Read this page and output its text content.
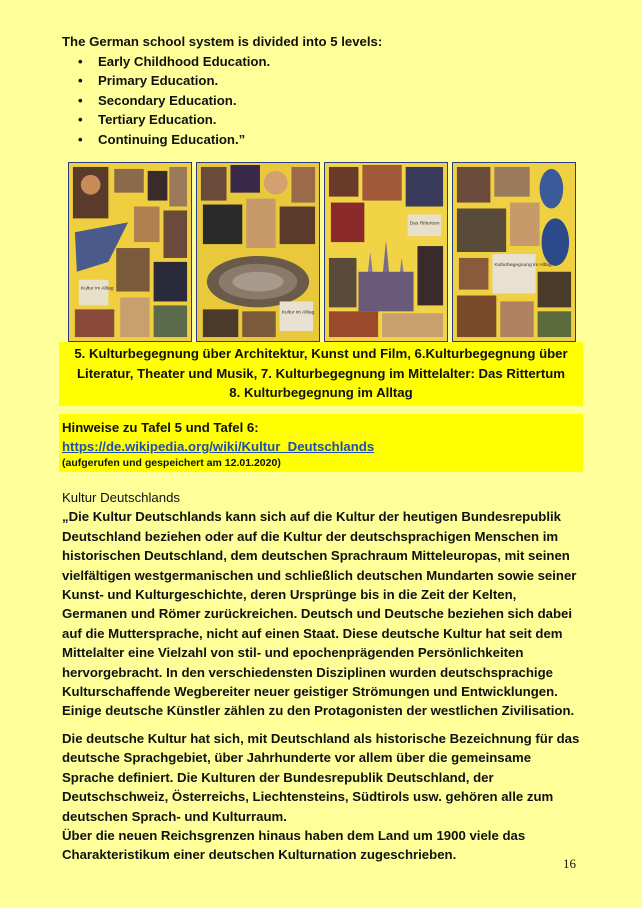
The German school system is divided into 5 levels:
• Early Childhood Education.
• Primary Education.
• Secondary Education.
• Tertiary Education.
• Continuing Education.”
Kultur im Alltag
Kultur im Alltag
Das Rittertum
Kulturbegegnung im Alltag
5. Kulturbegegnung über Architektur, Kunst und Film, 6.Kulturbegegnung über
Literatur, Theater und Musik, 7. Kulturbegegnung im Mittelalter: Das Rittertum
8. Kulturbegegnung im Alltag
Hinweise zu Tafel 5 und Tafel 6:
https://de.wikipedia.org/wiki/Kultur_Deutschlands
(aufgerufen und gespeichert am 12.01.2020)
Kultur Deutschlands

„Die Kultur Deutschlands kann sich auf die Kultur der heutigen Bundesrepublik Deutschland beziehen oder auf die Kultur der deutschsprachigen Menschen im historischen Deutschland, dem deutschen Sprachraum Mitteleuropas, mit seinen vielfältigen westgermanischen und schließlich deutschen Mundarten sowie seiner Kunst- und Kulturgeschichte, deren Ursprünge bis in die Zeit der Kelten, Germanen und Römer zurückreichen. Deutsch und Deutsche beziehen sich dabei auf die Muttersprache, nicht auf einen Staat. Diese deutsche Kultur hat seit dem Mittelalter eine Vielzahl von stil- und epochenprägenden Persönlichkeiten hervorgebracht. In den verschiedensten Disziplinen wurden deutschsprachige Kulturschaffende Wegbereiter neuer geistiger Strömungen und Entwicklungen. Einige deutsche Künstler zählen zu den Protagonisten der westlichen Zivilisation.

Die deutsche Kultur hat sich, mit Deutschland als historische Bezeichnung für das deutsche Sprachgebiet, über Jahrhunderte vor allem über die gemeinsame Sprache definiert. Die Kulturen der Bundesrepublik Deutschland, der Deutschschweiz, Österreichs, Liechtensteins, Südtirols usw. gehören alle zum deutschen Sprach- und Kulturraum.

Über die neuen Reichsgrenzen hinaus haben dem Land um 1900 viele das Charakteristikum einer deutschen Kulturnation zugeschrieben.

16
